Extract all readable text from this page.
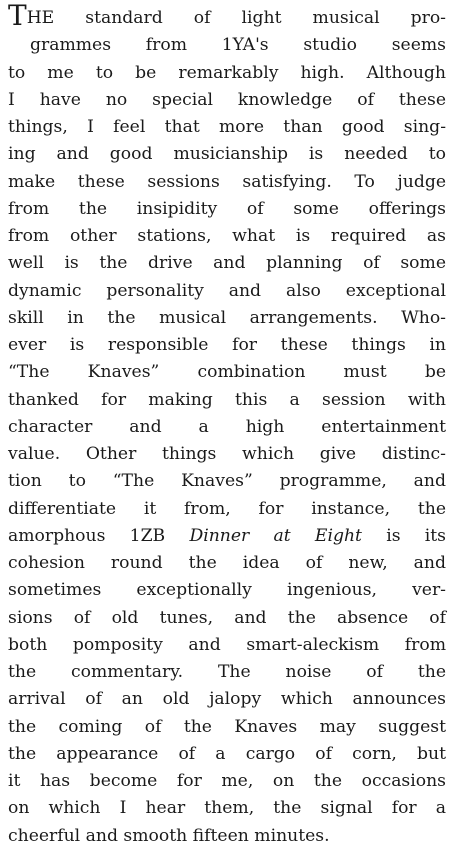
THE standard of light musical pro-
grammes from 1YA's studio seems
to me to be remarkably high. Although
I have no special knowledge of these
things, I feel that more than good sing-
ing and good musicianship is needed to
make these sessions satisfying. To judge
from the insipidity of some offerings
from other stations, what is required as
well is the drive and planning of some
dynamic personality and also exceptional
skill in the musical arrangements. Who-
ever is responsible for these things in
“The Knaves” combination must be
thanked for making this a session with
character and a high entertainment
value. Other things which give distinc-
tion to “The Knaves” programme, and
differentiate it from, for instance, the
amorphous 1ZB Dinner at Eight is its
cohesion round the idea of new, and
sometimes exceptionally ingenious, ver-
sions of old tunes, and the absence of
both pomposity and smart-aleckism from
the commentary. The noise of the
arrival of an old jalopy which announces
the coming of the Knaves may suggest
the appearance of a cargo of corn, but
it has become for me, on the occasions
on which I hear them, the signal for a
cheerful and smooth fifteen minutes.
